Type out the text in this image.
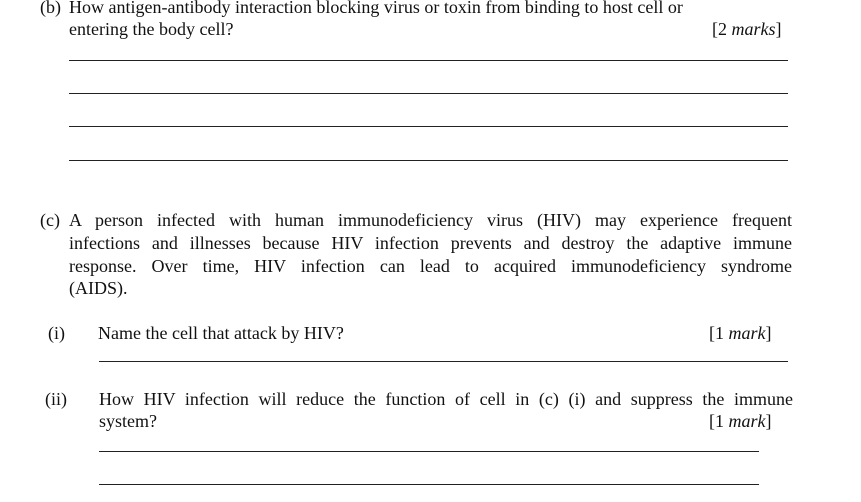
(b) How antigen-antibody interaction blocking virus or toxin from binding to host cell or
entering the body cell?	[2 marks]
(c) A person infected with human immunodeficiency virus (HIV) may experience frequent
infections and illnesses because HIV infection prevents and destroy the adaptive immune
response. Over time, HIV infection can lead to acquired immunodeficiency syndrome
(AIDS).
(i) Name the cell that attack by HIV?	[1 mark]
(ii) How HIV infection will reduce the function of cell in (c) (i) and suppress the immune
system?	[1 mark]
